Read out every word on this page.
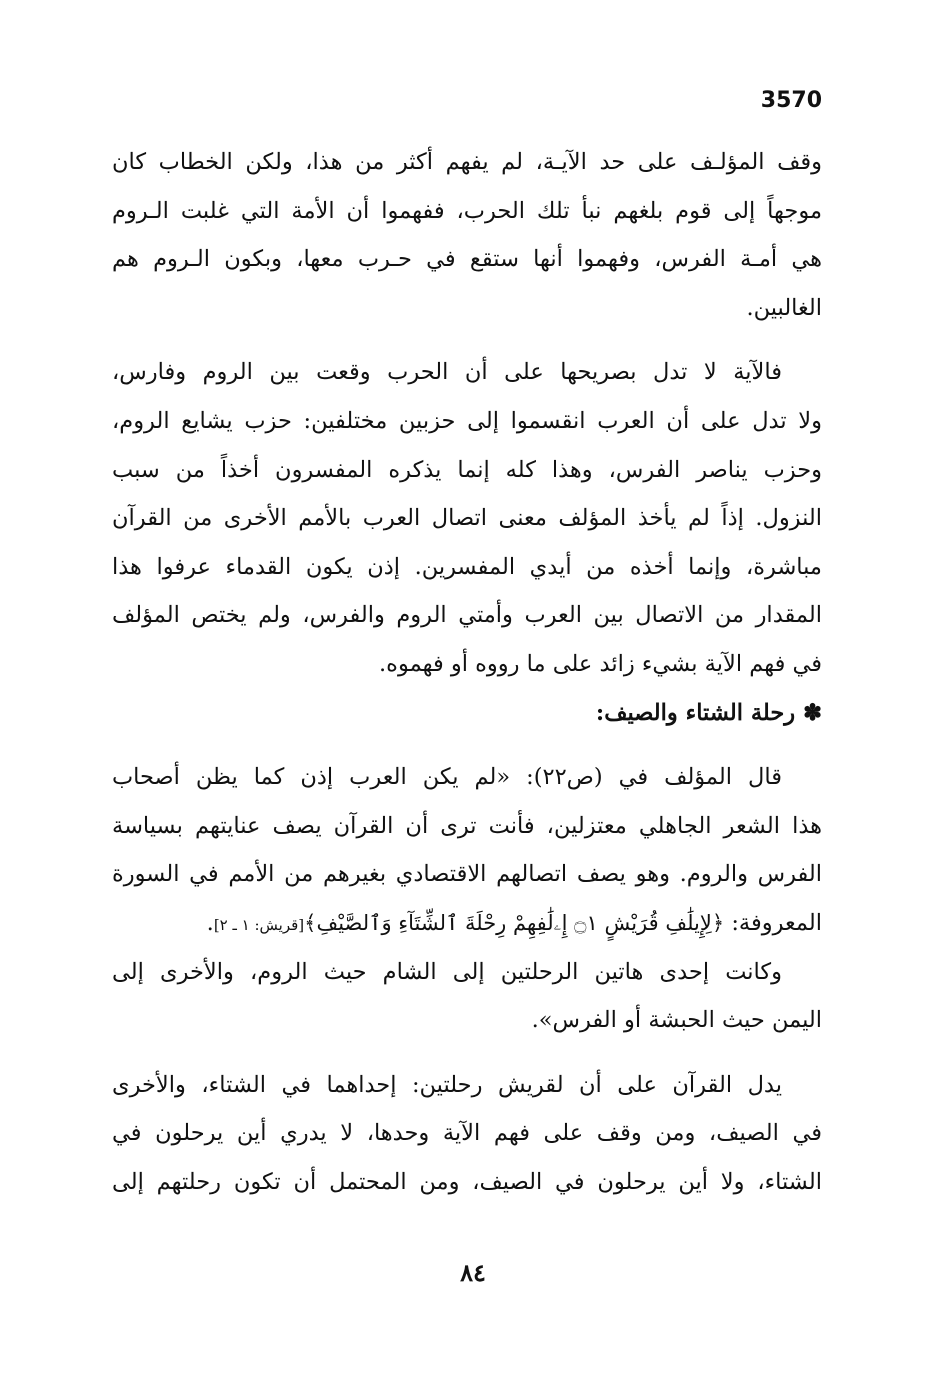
3570
وقف المؤلـف على حد الآيـة، لم يفهم أكثر من هذا، ولكن الخطاب كان
موجهاً إلى قوم بلغهم نبأ تلك الحرب، ففهموا أن الأمة التي غلبت الـروم
هي أمـة الفرس، وفهموا أنها ستقع في حـرب معها، وبكون الـروم هم
الغالبين.
فالآية لا تدل بصريحها على أن الحرب وقعت بين الروم وفارس،
ولا تدل على أن العرب انقسموا إلى حزبين مختلفين: حزب يشايع الروم،
وحزب يناصر الفرس، وهذا كله إنما يذكره المفسرون أخذاً من سبب
النزول. إذاً لم يأخذ المؤلف معنى اتصال العرب بالأمم الأخرى من القرآن
مباشرة، وإنما أخذه من أيدي المفسرين. إذن يكون القدماء عرفوا هذا
المقدار من الاتصال بين العرب وأمتي الروم والفرس، ولم يختص المؤلف
في فهم الآية بشيء زائد على ما رووه أو فهموه.
✽رحلة الشتاء والصيف:
قال المؤلف في (ص٢٢): «لم يكن العرب إذن كما يظن أصحاب
هذا الشعر الجاهلي معتزلين، فأنت ترى أن القرآن يصف عنايتهم بسياسة
الفرس والروم. وهو يصف اتصالهم الاقتصادي بغيرهم من الأمم في السورة
المعروفة: ﴿لِإِيلَٰفِ قُرَيْشٍ ۝١ إِۦلَٰفِهِمْ رِحْلَةَ ٱلشِّتَآءِ وَٱلصَّيْفِ﴾[قريش: ١ ـ ٢].
وكانت إحدى هاتين الرحلتين إلى الشام حيث الروم، والأخرى إلى
اليمن حيث الحبشة أو الفرس».
يدل القرآن على أن لقريش رحلتين: إحداهما في الشتاء، والأخرى
في الصيف، ومن وقف على فهم الآية وحدها، لا يدري أين يرحلون في
الشتاء، ولا أين يرحلون في الصيف، ومن المحتمل أن تكون رحلتهم إلى
٨٤
